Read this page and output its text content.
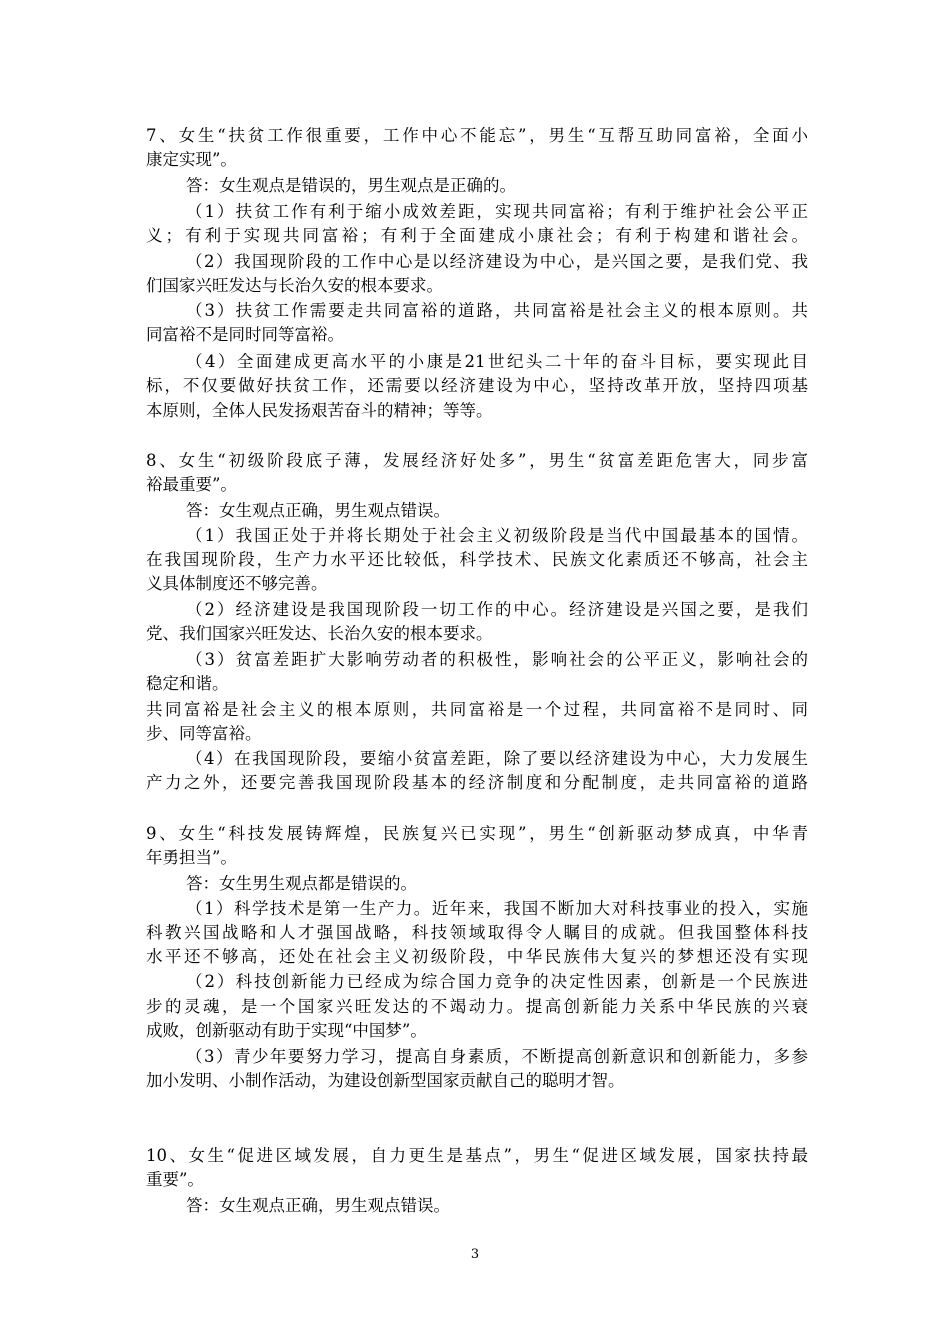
7、女生“扶贫工作很重要，工作中心不能忘”，男生“互帮互助同富裕，全面小
康定实现”。
答：女生观点是错误的，男生观点是正确的。
（1）扶贫工作有利于缩小成效差距，实现共同富裕；有利于维护社会公平正
义；有利于实现共同富裕；有利于全面建成小康社会；有利于构建和谐社会。
（2）我国现阶段的工作中心是以经济建设为中心，是兴国之要，是我们党、我
们国家兴旺发达与长治久安的根本要求。
（3）扶贫工作需要走共同富裕的道路，共同富裕是社会主义的根本原则。共
同富裕不是同时同等富裕。
（4）全面建成更高水平的小康是21世纪头二十年的奋斗目标，要实现此目
标，不仅要做好扶贫工作，还需要以经济建设为中心，坚持改革开放，坚持四项基
本原则，全体人民发扬艰苦奋斗的精神；等等。
8、女生“初级阶段底子薄，发展经济好处多”，男生“贫富差距危害大，同步富
裕最重要”。
答：女生观点正确，男生观点错误。
（1）我国正处于并将长期处于社会主义初级阶段是当代中国最基本的国情。
在我国现阶段，生产力水平还比较低，科学技术、民族文化素质还不够高，社会主
义具体制度还不够完善。
（2）经济建设是我国现阶段一切工作的中心。经济建设是兴国之要，是我们
党、我们国家兴旺发达、长治久安的根本要求。
（3）贫富差距扩大影响劳动者的积极性，影响社会的公平正义，影响社会的
稳定和谐。
共同富裕是社会主义的根本原则，共同富裕是一个过程，共同富裕不是同时、同
步、同等富裕。
（4）在我国现阶段，要缩小贫富差距，除了要以经济建设为中心，大力发展生
产力之外，还要完善我国现阶段基本的经济制度和分配制度，走共同富裕的道路
9、女生“科技发展铸辉煌，民族复兴已实现”，男生“创新驱动梦成真，中华青
年勇担当”。
答：女生男生观点都是错误的。
（1）科学技术是第一生产力。近年来，我国不断加大对科技事业的投入，实施
科教兴国战略和人才强国战略，科技领域取得令人瞩目的成就。但我国整体科技
水平还不够高，还处在社会主义初级阶段，中华民族伟大复兴的梦想还没有实现
（2）科技创新能力已经成为综合国力竞争的决定性因素，创新是一个民族进
步的灵魂，是一个国家兴旺发达的不竭动力。提高创新能力关系中华民族的兴衰
成败，创新驱动有助于实现“中国梦”。
（3）青少年要努力学习，提高自身素质，不断提高创新意识和创新能力，多参
加小发明、小制作活动，为建设创新型国家贡献自己的聪明才智。
10、女生“促进区域发展，自力更生是基点”，男生“促进区域发展，国家扶持最
重要”。
答：女生观点正确，男生观点错误。
3
